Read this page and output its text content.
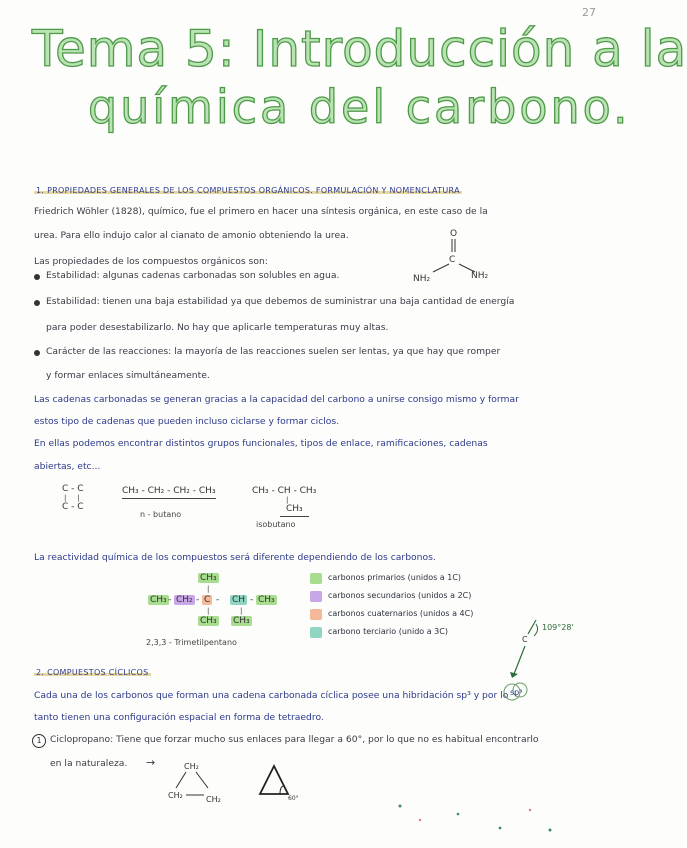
27
Tema 5: Introducción a la
química del carbono.
1. PROPIEDADES GENERALES DE LOS COMPUESTOS ORGÁNICOS. FORMULACIÓN Y NOMENCLATURA
Friedrich Wöhler (1828), químico, fue el primero en hacer una síntesis orgánica, en este caso de la
urea. Para ello indujo calor al cianato de amonio obteniendo la urea.	O
C
NH₂	NH₂
Las propiedades de los compuestos orgánicos son:
Estabilidad: algunas cadenas carbonadas son solubles en agua.
Estabilidad: tienen una baja estabilidad ya que debemos de suministrar una baja cantidad de energía
para poder desestabilizarlo. No hay que aplicarle temperaturas muy altas.
Carácter de las reacciones: la mayoría de las reacciones suelen ser lentas, ya que hay que romper
y formar enlaces simultáneamente.
Las cadenas carbonadas se generan gracias a la capacidad del carbono a unirse consigo mismo y formar
estos tipo de cadenas que pueden incluso ciclarse y formar ciclos.
En ellas podemos encontrar distintos grupos funcionales, tipos de enlace, ramificaciones, cadenas
abiertas, etc...
C - C
|     |
C - C
CH₃ - CH₂ - CH₂ - CH₃
n - butano
CH₃ - CH - CH₃
|
CH₃
isobutano
La reactividad química de los compuestos será diferente dependiendo de los carbonos.
CH₃
|
CH₃ - CH₂ - C - CH - CH₃
|	|
CH₃ CH₃
2,3,3 - Trimetilpentano
carbonos primarios (unidos a 1C)
carbonos secundarios (unidos a 2C)
carbonos cuaternarios (unidos a 4C)
carbono terciario (unido a 3C)
C
109°28'
2. COMPUESTOS CÍCLICOS
Cada una de los carbonos que forman una cadena carbonada cíclica posee una hibridación sp³ y por lo sp³
tanto tienen una configuración espacial en forma de tetraedro.
1 Ciclopropano: Tiene que forzar mucho sus enlaces para llegar a 60°, por lo que no es habitual encontrarlo
en la naturaleza. →	CH₂
CH₂	CH₂	60°
